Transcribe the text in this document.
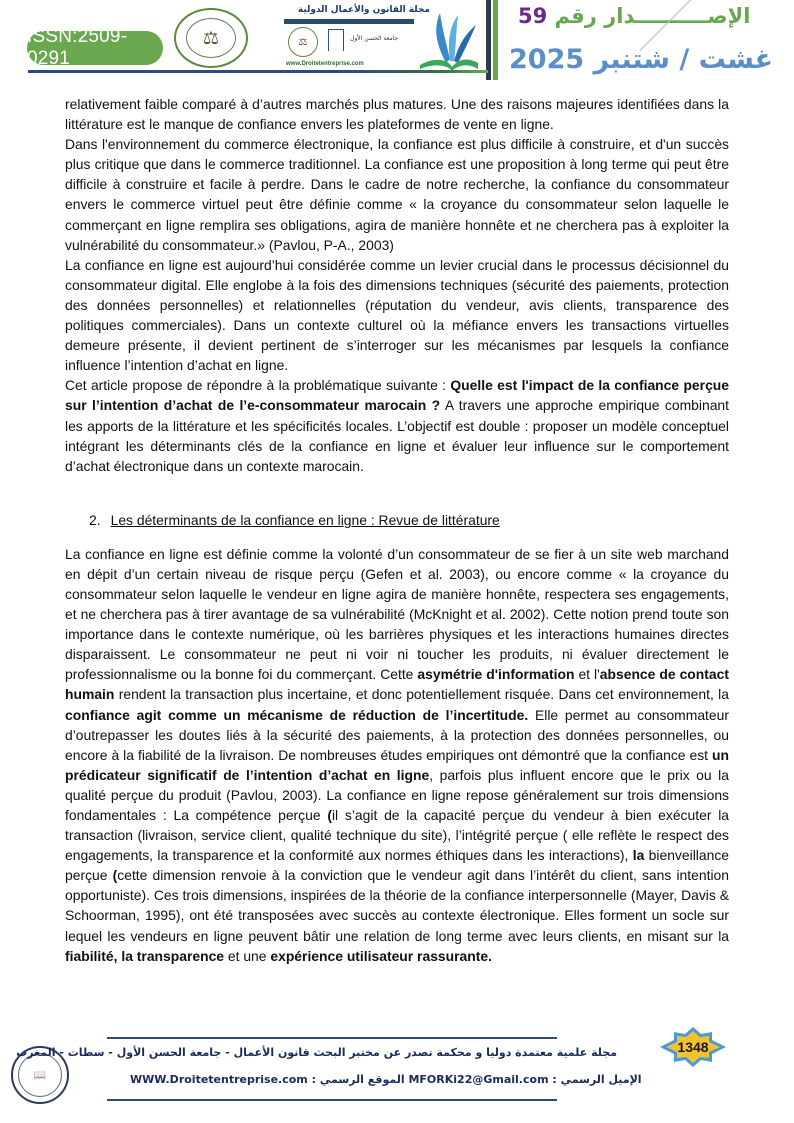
ISSN:2509-0291
⚖
مجلة القانون والأعمال الدولية
⚖	جامعة الحسن الأول
www.Droitetentreprise.com
الإصــــــــــدار رقم 59
غشت / شتنبر 2025

relativement faible comparé à d’autres marchés plus matures. Une des raisons majeures identifiées dans la littérature est le manque de confiance envers les plateformes de vente en ligne.

Dans l'environnement du commerce électronique, la confiance est plus difficile à construire, et d'un succès plus critique que dans le commerce traditionnel. La confiance est une proposition à long terme qui peut être difficile à construire et facile à perdre. Dans le cadre de notre recherche, la confiance du consommateur envers le commerce virtuel peut être définie comme « la croyance du consommateur selon laquelle le commerçant en ligne remplira ses obligations, agira de manière honnête et ne cherchera pas à exploiter la vulnérabilité du consommateur.» (Pavlou, P-A., 2003)

La confiance en ligne est aujourd’hui considérée comme un levier crucial dans le processus décisionnel du consommateur digital. Elle englobe à la fois des dimensions techniques (sécurité des paiements, protection des données personnelles) et relationnelles (réputation du vendeur, avis clients, transparence des politiques commerciales). Dans un contexte culturel où la méfiance envers les transactions virtuelles demeure présente, il devient pertinent de s’interroger sur les mécanismes par lesquels la confiance influence l’intention d’achat en ligne.

Cet article propose de répondre à la problématique suivante : Quelle est l'impact de la confiance perçue sur l’intention d’achat de l’e-consommateur marocain ? A travers une approche empirique combinant les apports de la littérature et les spécificités locales. L’objectif est double : proposer un modèle conceptuel intégrant les déterminants clés de la confiance en ligne et évaluer leur influence sur le comportement d’achat électronique dans un contexte marocain.

2. Les déterminants de la confiance en ligne : Revue de littérature

La confiance en ligne est définie comme la volonté d’un consommateur de se fier à un site web marchand en dépit d’un certain niveau de risque perçu (Gefen et al. 2003), ou encore comme « la croyance du consommateur selon laquelle le vendeur en ligne agira de manière honnête, respectera ses engagements, et ne cherchera pas à tirer avantage de sa vulnérabilité (McKnight et al. 2002). Cette notion prend toute son importance dans le contexte numérique, où les barrières physiques et les interactions humaines directes disparaissent. Le consommateur ne peut ni voir ni toucher les produits, ni évaluer directement le professionnalisme ou la bonne foi du commerçant. Cette asymétrie d'information et l'absence de contact humain rendent la transaction plus incertaine, et donc potentiellement risquée. Dans cet environnement, la confiance agit comme un mécanisme de réduction de l’incertitude. Elle permet au consommateur d’outrepasser les doutes liés à la sécurité des paiements, à la protection des données personnelles, ou encore à la fiabilité de la livraison. De nombreuses études empiriques ont démontré que la confiance est un prédicateur significatif de l’intention d’achat en ligne, parfois plus influent encore que le prix ou la qualité perçue du produit (Pavlou, 2003). La confiance en ligne repose généralement sur trois dimensions fondamentales : La compétence perçue (il s’agit de la capacité perçue du vendeur à bien exécuter la transaction (livraison, service client, qualité technique du site), l’intégrité perçue ( elle reflète le respect des engagements, la transparence et la conformité aux normes éthiques dans les interactions), la bienveillance perçue (cette dimension renvoie à la conviction que le vendeur agit dans l’intérêt du client, sans intention opportuniste). Ces trois dimensions, inspirées de la théorie de la confiance interpersonnelle (Mayer, Davis & Schoorman, 1995), ont été transposées avec succès au contexte électronique. Elles forment un socle sur lequel les vendeurs en ligne peuvent bâtir une relation de long terme avec leurs clients, en misant sur la fiabilité, la transparence et une expérience utilisateur rassurante.

📖
مجلة علمية معتمدة دوليا و محكمة تصدر عن مختبر البحث قانون الأعمال - جامعة الحسن الأول - سطات - المغرب
WWW.Droitetentreprise.com : الموقع الرسمي MFORKi22@Gmail.com : الإميل الرسمي
1348
